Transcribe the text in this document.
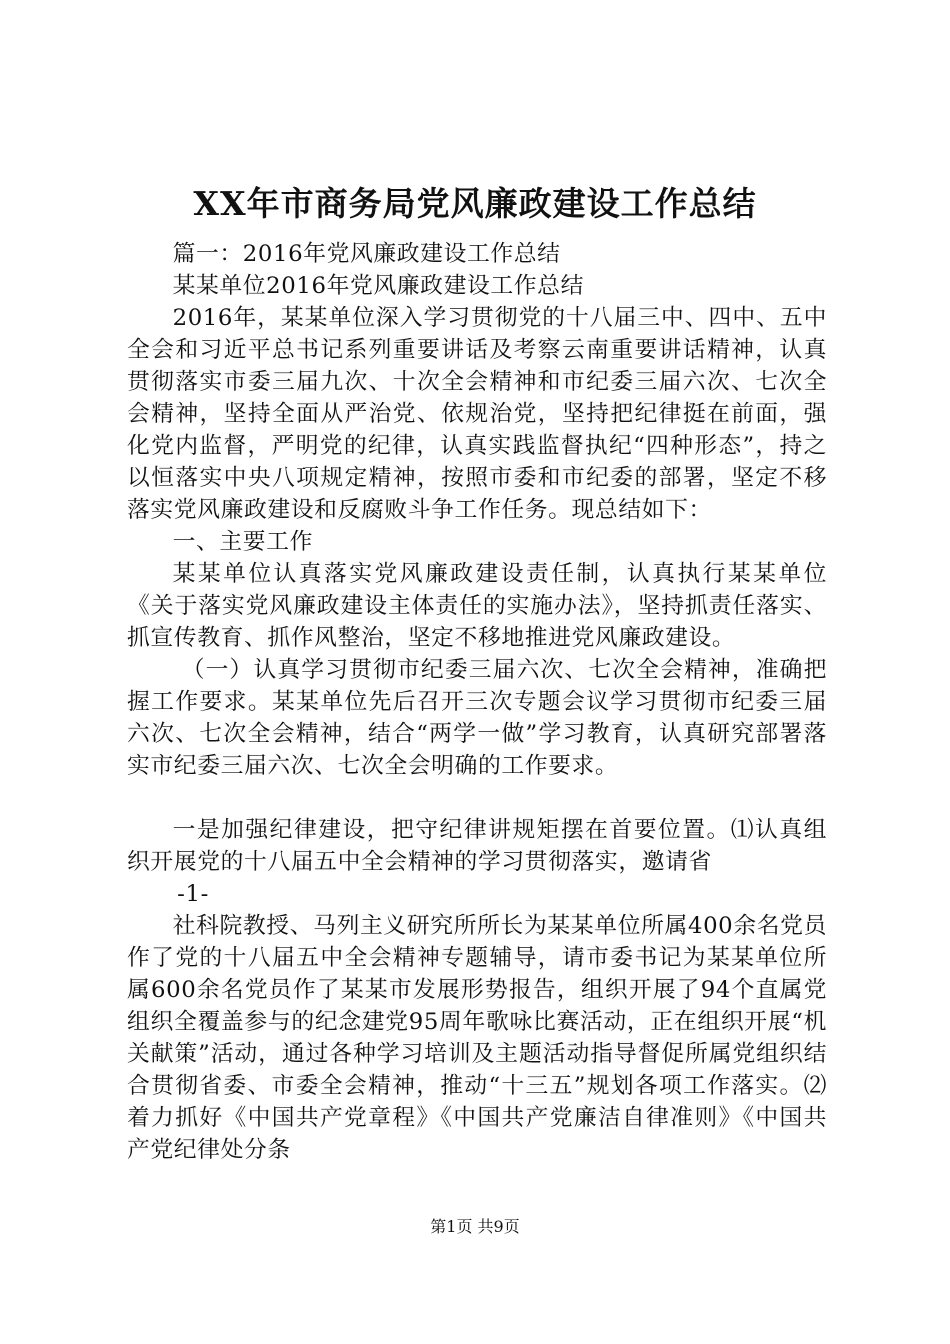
XX年市商务局党风廉政建设工作总结

篇一：2016年党风廉政建设工作总结

某某单位2016年党风廉政建设工作总结

2016年，某某单位深入学习贯彻党的十八届三中、四中、五中全会和习近平总书记系列重要讲话及考察云南重要讲话精神，认真贯彻落实市委三届九次、十次全会精神和市纪委三届六次、七次全会精神，坚持全面从严治党、依规治党，坚持把纪律挺在前面，强化党内监督，严明党的纪律，认真实践监督执纪“四种形态”，持之以恒落实中央八项规定精神，按照市委和市纪委的部署，坚定不移落实党风廉政建设和反腐败斗争工作任务。现总结如下：

一、主要工作

某某单位认真落实党风廉政建设责任制，认真执行某某单位《关于落实党风廉政建设主体责任的实施办法》，坚持抓责任落实、抓宣传教育、抓作风整治，坚定不移地推进党风廉政建设。

（一）认真学习贯彻市纪委三届六次、七次全会精神，准确把握工作要求。某某单位先后召开三次专题会议学习贯彻市纪委三届六次、七次全会精神，结合“两学一做”学习教育，认真研究部署落实市纪委三届六次、七次全会明确的工作要求。

一是加强纪律建设，把守纪律讲规矩摆在首要位置。⑴认真组织开展党的十八届五中全会精神的学习贯彻落实，邀请省

-1-

社科院教授、马列主义研究所所长为某某单位所属400余名党员作了党的十八届五中全会精神专题辅导，请市委书记为某某单位所属600余名党员作了某某市发展形势报告，组织开展了94个直属党组织全覆盖参与的纪念建党95周年歌咏比赛活动，正在组织开展“机关献策”活动，通过各种学习培训及主题活动指导督促所属党组织结合贯彻省委、市委全会精神，推动“十三五”规划各项工作落实。⑵着力抓好《中国共产党章程》《中国共产党廉洁自律准则》《中国共产党纪律处分条

第1页 共9页
